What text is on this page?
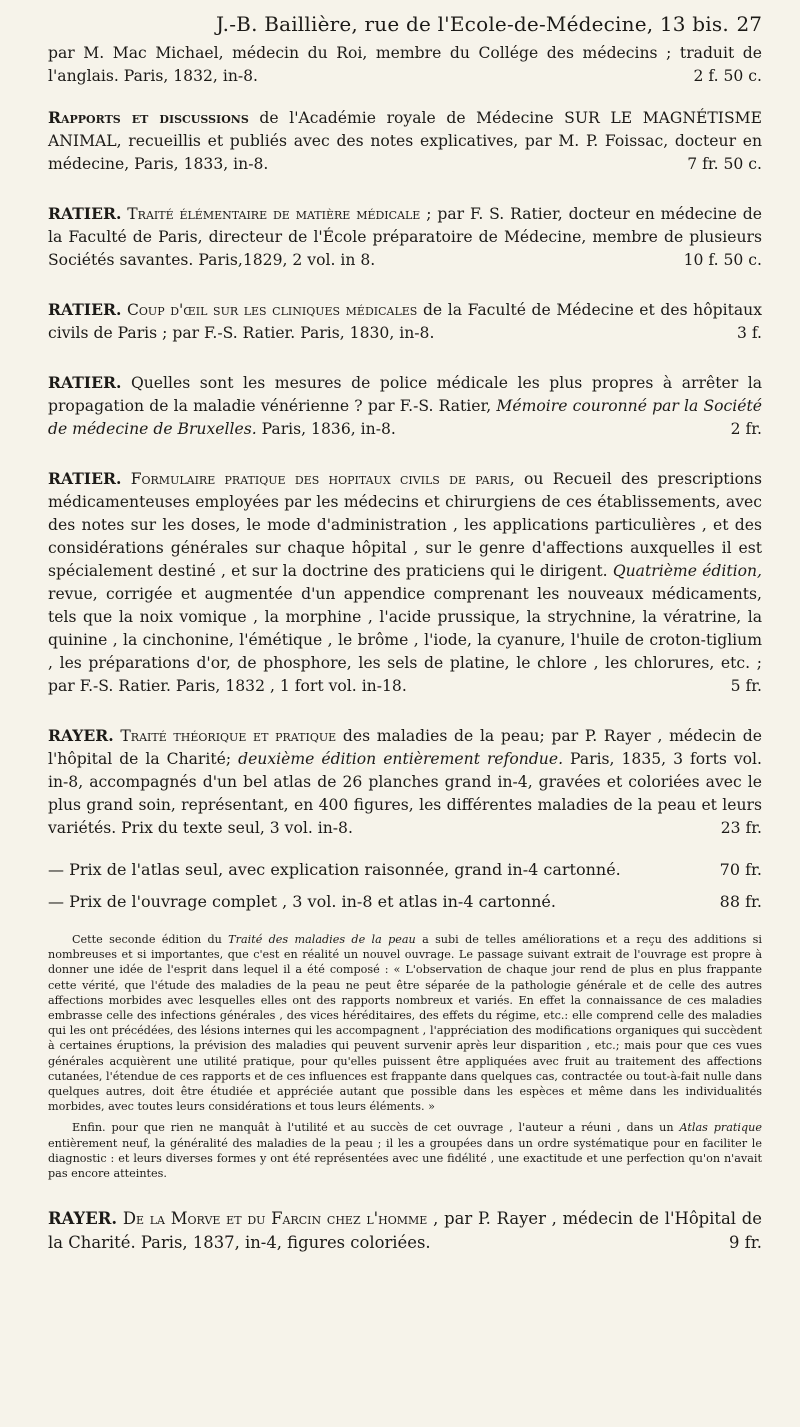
J.-B. Baillière, rue de l'Ecole-de-Médecine, 13 bis. 27

par M. Mac Michael, médecin du Roi, membre du Collége des médecins ; traduit de l'anglais. Paris, 1832, in-8.	2 f. 50 c.

Rapports et discussions de l'Académie royale de Médecine SUR LE MAGNÉTISME ANIMAL, recueillis et publiés avec des notes explicatives, par M. P. Foissac, docteur en médecine, Paris, 1833, in-8.	7 fr. 50 c.

RATIER. Traité élémentaire de matière médicale ; par F. S. Ratier, docteur en médecine de la Faculté de Paris, directeur de l'École préparatoire de Médecine, membre de plusieurs Sociétés savantes. Paris,1829, 2 vol. in 8.	10 f. 50 c.

RATIER. Coup d'œil sur les cliniques médicales de la Faculté de Médecine et des hôpitaux civils de Paris ; par F.-S. Ratier. Paris, 1830, in-8.	3 f.

RATIER. Quelles sont les mesures de police médicale les plus propres à arrêter la propagation de la maladie vénérienne ? par F.-S. Ratier, Mémoire couronné par la Société de médecine de Bruxelles. Paris, 1836, in-8.	2 fr.

RATIER. Formulaire pratique des hopitaux civils de paris, ou Recueil des prescriptions médicamenteuses employées par les médecins et chirurgiens de ces établissements, avec des notes sur les doses, le mode d'administration , les applications particulières , et des considérations générales sur chaque hôpital , sur le genre d'affections auxquelles il est spécialement destiné , et sur la doctrine des praticiens qui le dirigent. Quatrième édition, revue, corrigée et augmentée d'un appendice comprenant les nouveaux médicaments, tels que la noix vomique , la morphine , l'acide prussique, la strychnine, la vératrine, la quinine , la cinchonine, l'émétique , le brôme , l'iode, la cyanure, l'huile de croton-tiglium , les préparations d'or, de phosphore, les sels de platine, le chlore , les chlorures, etc. ; par F.-S. Ratier. Paris, 1832 , 1 fort vol. in-18.	5 fr.

RAYER. Traité théorique et pratique des maladies de la peau; par P. Rayer , médecin de l'hôpital de la Charité; deuxième édition entièrement refondue. Paris, 1835, 3 forts vol. in-8, accompagnés d'un bel atlas de 26 planches grand in-4, gravées et coloriées avec le plus grand soin, représentant, en 400 figures, les différentes maladies de la peau et leurs variétés. Prix du texte seul, 3 vol. in-8.	23 fr.

— Prix de l'atlas seul, avec explication raisonnée, grand in-4 cartonné.	70 fr.

— Prix de l'ouvrage complet , 3 vol. in-8 et atlas in-4 cartonné.	88 fr.

Cette seconde édition du Traité des maladies de la peau a subi de telles améliorations et a reçu des additions si nombreuses et si importantes, que c'est en réalité un nouvel ouvrage. Le passage suivant extrait de l'ouvrage est propre à donner une idée de l'esprit dans lequel il a été composé : « L'observation de chaque jour rend de plus en plus frappante cette vérité, que l'étude des maladies de la peau ne peut être séparée de la pathologie générale et de celle des autres affections morbides avec lesquelles elles ont des rapports nombreux et variés. En effet la connaissance de ces maladies embrasse celle des infections générales , des vices héréditaires, des effets du régime, etc.: elle comprend celle des maladies qui les ont précédées, des lésions internes qui les accompagnent , l'appréciation des modifications organiques qui succèdent à certaines éruptions, la prévision des maladies qui peuvent survenir après leur disparition , etc.; mais pour que ces vues générales acquièrent une utilité pratique, pour qu'elles puissent être appliquées avec fruit au traitement des affections cutanées, l'étendue de ces rapports et de ces influences est frappante dans quelques cas, contractée ou tout-à-fait nulle dans quelques autres, doit être étudiée et appréciée autant que possible dans les espèces et même dans les individualités morbides, avec toutes leurs considérations et tous leurs éléments. »

Enfin. pour que rien ne manquât à l'utilité et au succès de cet ouvrage , l'auteur a réuni , dans un Atlas pratique entièrement neuf, la généralité des maladies de la peau ; il les a groupées dans un ordre systématique pour en faciliter le diagnostic : et leurs diverses formes y ont été représentées avec une fidélité , une exactitude et une perfection qu'on n'avait pas encore atteintes.

RAYER. De la Morve et du Farcin chez l'homme , par P. Rayer , médecin de l'Hôpital de la Charité. Paris, 1837, in-4, figures coloriées.	9 fr.
